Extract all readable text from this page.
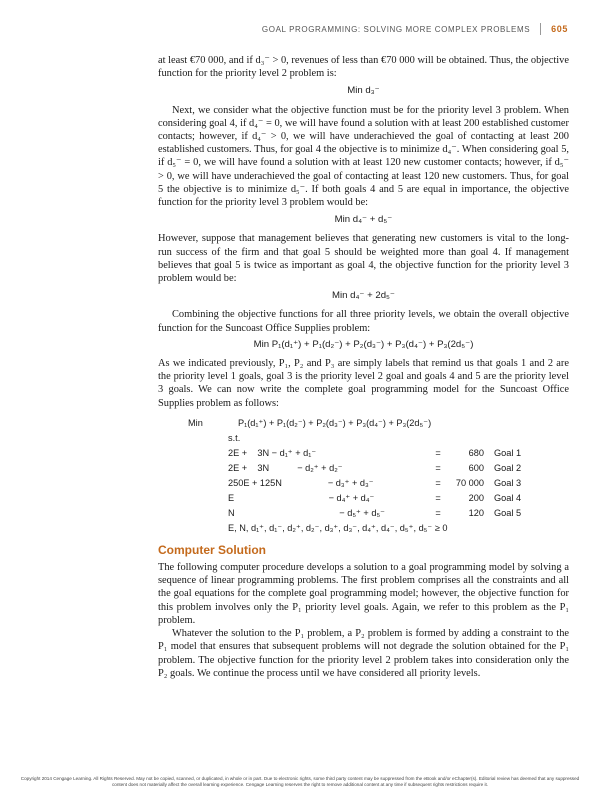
GOAL PROGRAMMING: SOLVING MORE COMPLEX PROBLEMS 605

at least €70 000, and if d₃⁻ > 0, revenues of less than €70 000 will be obtained. Thus, the objective function for the priority level 2 problem is:

Min d₃⁻

Next, we consider what the objective function must be for the priority level 3 problem. When considering goal 4, if d₄⁻ = 0, we will have found a solution with at least 200 established customer contacts; however, if d₄⁻ > 0, we will have underachieved the goal of contacting at least 200 established customers. Thus, for goal 4 the objective is to minimize d₄⁻. When considering goal 5, if d₅⁻ = 0, we will have found a solution with at least 120 new customer contacts; however, if d₅⁻ > 0, we will have underachieved the goal of contacting at least 120 new customers. Thus, for goal 5 the objective is to minimize d₅⁻. If both goals 4 and 5 are equal in importance, the objective function for the priority level 3 problem would be:

Min d₄⁻ + d₅⁻

However, suppose that management believes that generating new customers is vital to the long-run success of the firm and that goal 5 should be weighted more than goal 4. If management believes that goal 5 is twice as important as goal 4, the objective function for the priority level 3 problem would be:

Min d₄⁻ + 2d₅⁻

Combining the objective functions for all three priority levels, we obtain the overall objective function for the Suncoast Office Supplies problem:

Min P₁(d₁⁺) + P₁(d₂⁻) + P₂(d₃⁻) + P₃(d₄⁻) + P₃(2d₅⁻)

As we indicated previously, P₁, P₂ and P₃ are simply labels that remind us that goals 1 and 2 are the priority level 1 goals, goal 3 is the priority level 2 goal and goals 4 and 5 are the priority level 3 goals. We can now write the complete goal programming model for the Suncoast Office Supplies problem as follows:

Min	P₁(d₁⁺) + P₁(d₂⁻) + P₂(d₃⁻) + P₃(d₄⁻) + P₃(2d₅⁻)
s.t.
2E +    3N − d₁⁺ + d₁⁻	=	680	Goal 1
2E +    3N           − d₂⁺ + d₂⁻	=	600	Goal 2
250E + 125N                  − d₃⁺ + d₃⁻	=	70 000	Goal 3
E                                     − d₄⁺ + d₄⁻	=	200	Goal 4
N                                         − d₅⁺ + d₅⁻	=	120	Goal 5
E, N, d₁⁺, d₁⁻, d₂⁺, d₂⁻, d₃⁺, d₃⁻, d₄⁺, d₄⁻, d₅⁺, d₅⁻ ≥ 0
Computer Solution

The following computer procedure develops a solution to a goal programming model by solving a sequence of linear programming problems. The first problem comprises all the constraints and all the goal equations for the complete goal programming model; however, the objective function for this problem involves only the P₁ priority level goals. Again, we refer to this problem as the P₁ problem.

Whatever the solution to the P₁ problem, a P₂ problem is formed by adding a constraint to the P₁ model that ensures that subsequent problems will not degrade the solution obtained for the P₁ problem. The objective function for the priority level 2 problem takes into consideration only the P₂ goals. We continue the process until we have considered all priority levels.

Copyright 2014 Cengage Learning. All Rights Reserved. May not be copied, scanned, or duplicated, in whole or in part. Due to electronic rights, some third party content may be suppressed from the eBook and/or eChapter(s). Editorial review has deemed that any suppressed content does not materially affect the overall learning experience. Cengage Learning reserves the right to remove additional content at any time if subsequent rights restrictions require it.
